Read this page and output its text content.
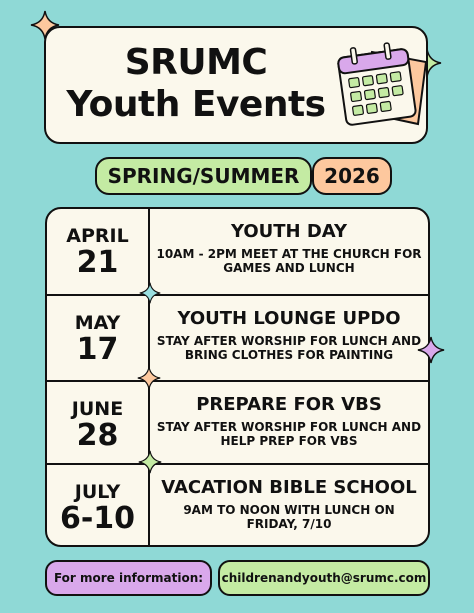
SRUMC
Youth Events
SPRING/SUMMER	2026
APRIL
21
YOUTH DAY
10AM - 2PM MEET AT THE CHURCH FOR GAMES AND LUNCH
MAY
17
YOUTH LOUNGE UPDO
STAY AFTER WORSHIP FOR LUNCH AND BRING CLOTHES FOR PAINTING
JUNE
28
PREPARE FOR VBS
STAY AFTER WORSHIP FOR LUNCH AND HELP PREP FOR VBS
JULY
6-10
VACATION BIBLE SCHOOL
9AM TO NOON WITH LUNCH ON FRIDAY, 7/10
For more information:	childrenandyouth@srumc.com
